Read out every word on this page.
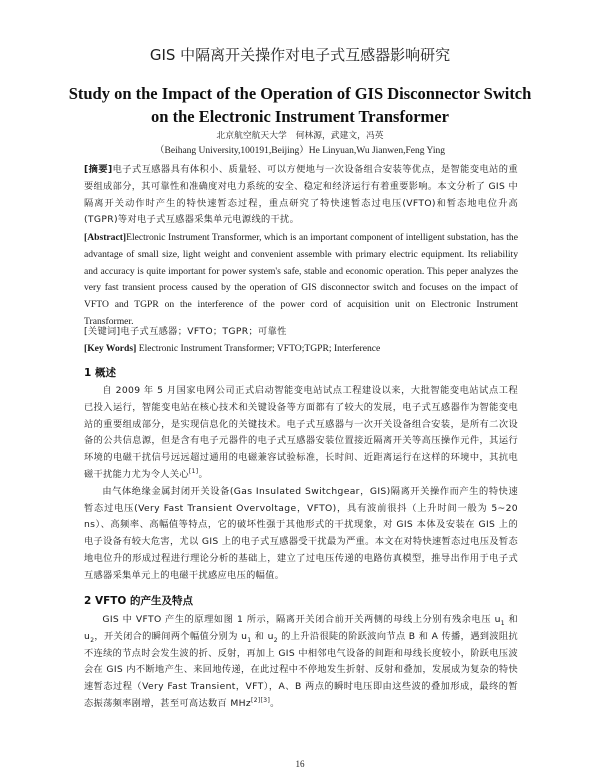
GIS 中隔离开关操作对电子式互感器影响研究
Study on the Impact of the Operation of GIS Disconnector Switch on the Electronic Instrument Transformer
北京航空航天大学　何林源，武建文，冯英
（Beihang University,100191,Beijing）He Linyuan,Wu Jianwen,Feng Ying
[摘要]电子式互感器具有体积小、质量轻、可以方便地与一次设备组合安装等优点，是智能变电站的重要组成部分，其可靠性和准确度对电力系统的安全、稳定和经济运行有着重要影响。本文分析了 GIS 中隔离开关动作时产生的特快速暂态过程，重点研究了特快速暂态过电压(VFTO)和暂态地电位升高(TGPR)等对电子式互感器采集单元电源线的干扰。
[Abstract]Electronic Instrument Transformer, which is an important component of intelligent substation, has the advantage of small size, light weight and convenient assemble with primary electric equipment. Its reliability and accuracy is quite important for power system's safe, stable and economic operation. This peper analyzes the very fast transient process caused by the operation of GIS disconnector switch and focuses on the impact of VFTO and TGPR on the interference of the power cord of acquisition unit on Electronic Instrument Transformer.
[关键词]电子式互感器；VFTO；TGPR；可靠性
[Key Words] Electronic Instrument Transformer; VFTO;TGPR; Interference
1 概述

自 2009 年 5 月国家电网公司正式启动智能变电站试点工程建设以来，大批智能变电站试点工程已投入运行，智能变电站在核心技术和关键设备等方面都有了较大的发展，电子式互感器作为智能变电站的重要组成部分，是实现信息化的关键技术。电子式互感器与一次开关设备组合安装，是所有二次设备的公共信息源，但是含有电子元器件的电子式互感器安装位置接近隔离开关等高压操作元件，其运行环境的电磁干扰信号远远超过通用的电磁兼容试验标准，长时间、近距离运行在这样的环境中，其抗电磁干扰能力尤为令人关心[1]。

由气体绝缘金属封闭开关设备(Gas Insulated Switchgear，GIS)隔离开关操作而产生的特快速暂态过电压(Very Fast Transient Overvoltage，VFTO)，具有波前很抖（上升时间一般为 5~20 ns）、高频率、高幅值等特点，它的破坏性强于其他形式的干扰现象，对 GIS 本体及安装在 GIS 上的电子设备有较大危害，尤以 GIS 上的电子式互感器受干扰最为严重。本文在对特快速暂态过电压及暂态地电位升的形成过程进行理论分析的基础上，建立了过电压传递的电路仿真模型，推导出作用于电子式互感器采集单元上的电磁干扰感应电压的幅值。

2 VFTO 的产生及特点

GIS 中 VFTO 产生的原理如图 1 所示，隔离开关闭合前开关两侧的母线上分别有残余电压 $u_1$ 和 $u_2$，开关闭合的瞬间两个幅值分别为 $u_1$ 和 $u_2$ 的上升沿很陡的阶跃波向节点 B 和 A 传播，遇到波阻抗不连续的节点时会发生波的折、反射，再加上 GIS 中相邻电气设备的间距和母线长度较小，阶跃电压波会在 GIS 内不断地产生、来回地传递，在此过程中不停地发生折射、反射和叠加，发展成为复杂的特快速暂态过程（Very Fast Transient，VFT），A、B 两点的瞬时电压即由这些波的叠加形成，最终的暂态振荡频率剧增，甚至可高达数百 MHz[2][3]。

16
